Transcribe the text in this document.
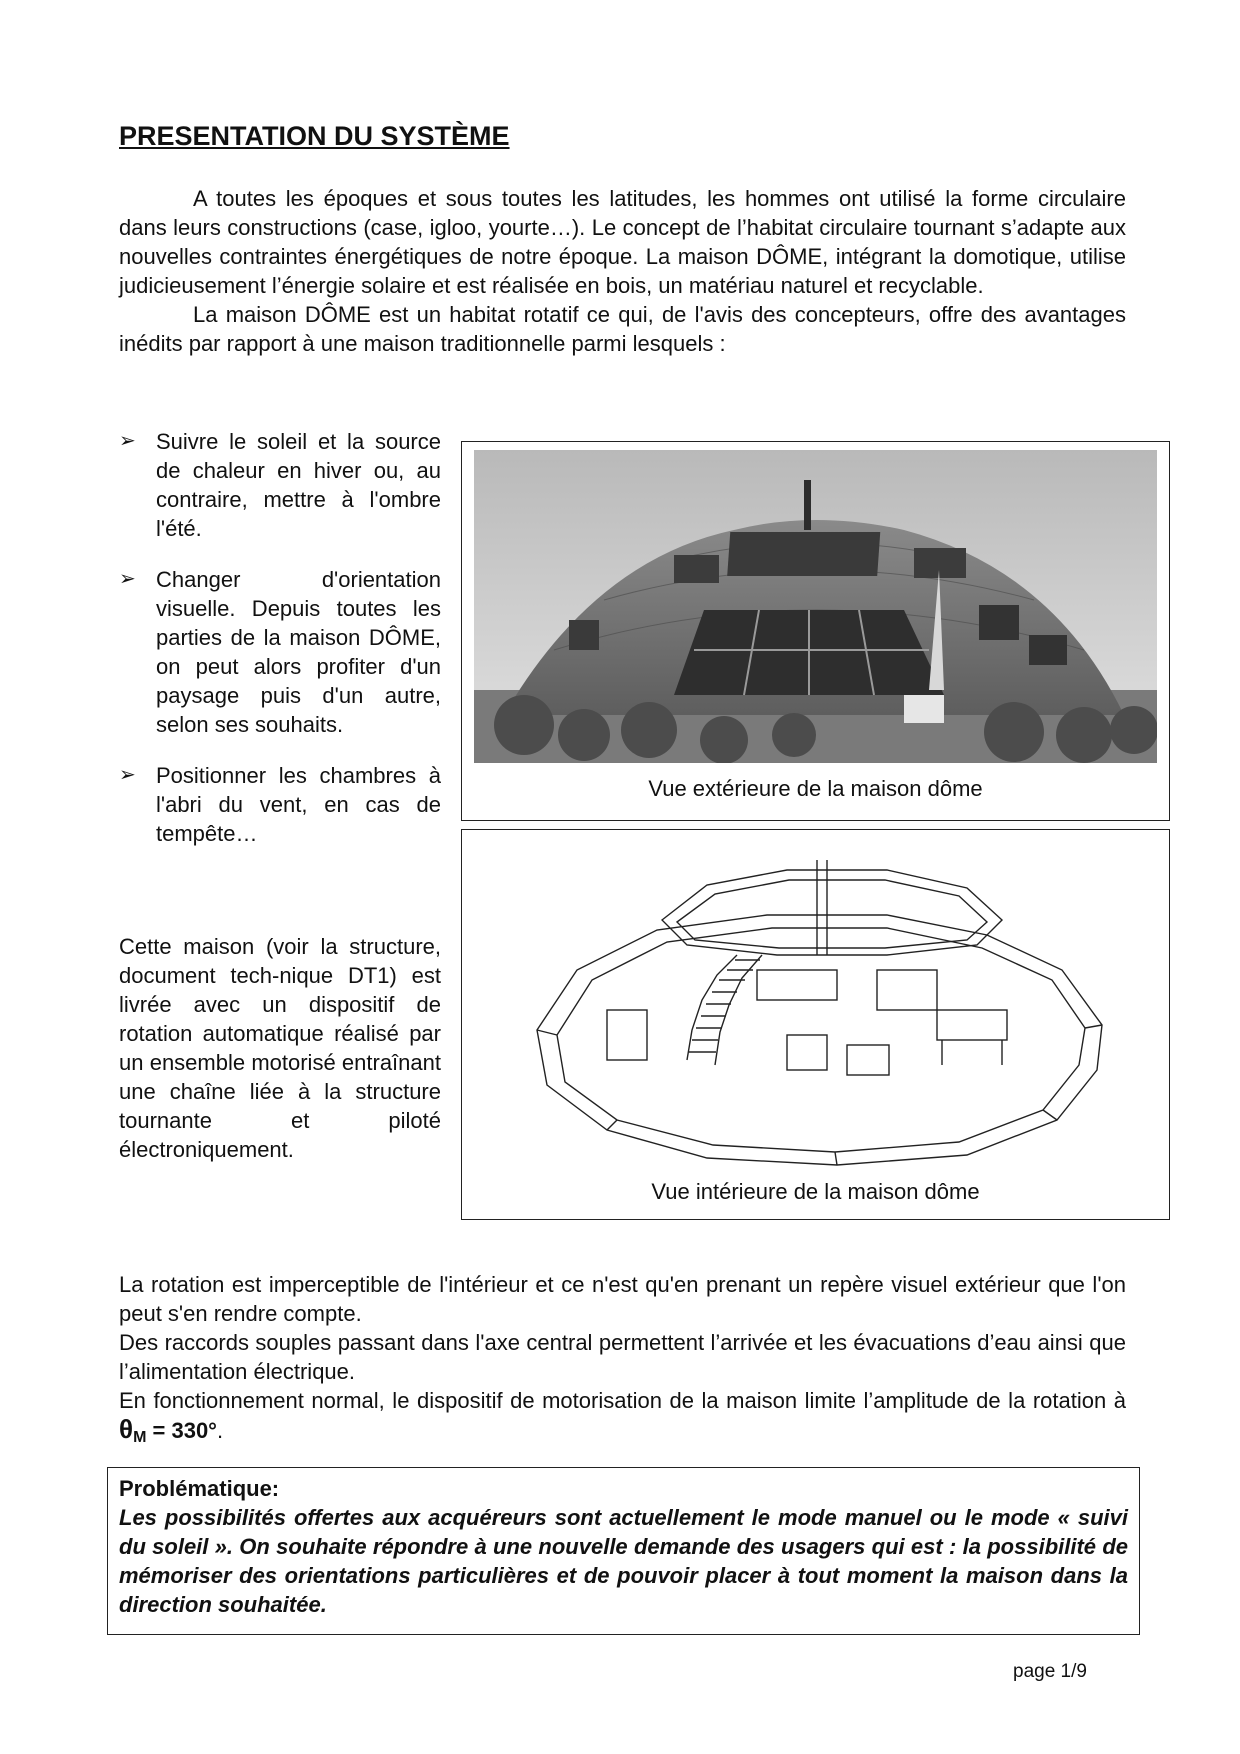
PRESENTATION DU SYSTÈME

A toutes les époques et sous toutes les latitudes, les hommes ont utilisé la forme circulaire dans leurs constructions (case, igloo, yourte…). Le concept de l’habitat circulaire tournant s’adapte aux nouvelles contraintes énergétiques de notre époque. La maison DÔME, intégrant la domotique, utilise judicieusement l’énergie solaire et est réalisée en bois, un matériau naturel et recyclable.

La maison DÔME est un habitat rotatif ce qui, de l'avis des concepteurs, offre des avantages inédits par rapport à une maison traditionnelle parmi lesquels :

➢ Suivre le soleil et la source de chaleur en hiver ou, au contraire, mettre à l'ombre l'été.
➢ Changer d'orientation visuelle. Depuis toutes les parties de la maison DÔME, on peut alors profiter d'un paysage puis d'un autre, selon ses souhaits.
➢ Positionner les chambres à l'abri du vent, en cas de tempête…
Cette maison (voir la structure, document tech-nique DT1) est livrée avec un dispositif de rotation automatique réalisé par un ensemble motorisé entraînant une chaîne liée à la structure tournante et piloté électroniquement.
Vue extérieure de la maison dôme
Vue intérieure de la maison dôme

La rotation est imperceptible de l'intérieur et ce n'est qu'en prenant un repère visuel extérieur que l'on peut s'en rendre compte.

Des raccords souples passant dans l'axe central permettent l’arrivée et les évacuations d’eau ainsi que l’alimentation électrique.

En fonctionnement normal, le dispositif de motorisation de la maison limite l’amplitude de la rotation à $\theta_M = 330^\circ$.

Problématique:

Les possibilités offertes aux acquéreurs sont actuellement le mode manuel ou le mode « suivi du soleil ». On souhaite répondre à une nouvelle demande des usagers qui est : la possibilité de mémoriser des orientations particulières et de pouvoir placer à tout moment la maison dans la direction souhaitée.

page 1/9
